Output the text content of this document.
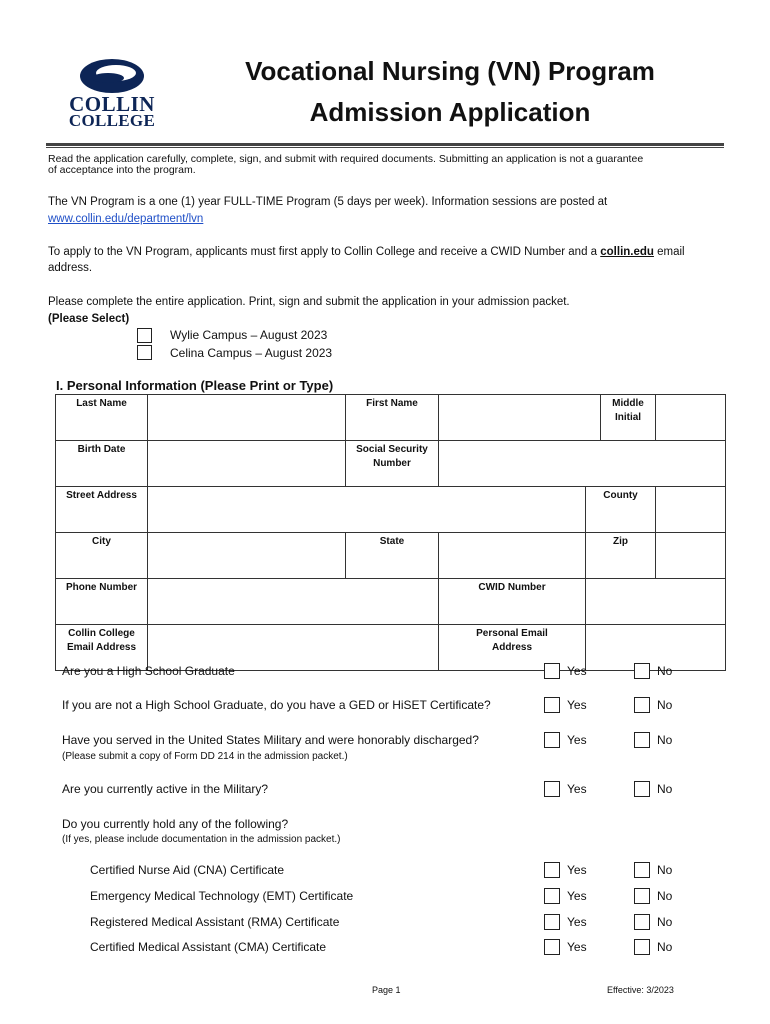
COLLIN
COLLEGE
Vocational Nursing (VN) Program
Admission Application
Read the application carefully, complete, sign, and submit with required documents. Submitting an application is not a guarantee
of acceptance into the program.
The VN Program is a one (1) year FULL-TIME Program (5 days per week). Information sessions are posted at
www.collin.edu/department/lvn
To apply to the VN Program, applicants must first apply to Collin College and receive a CWID Number and a collin.edu email
address.
Please complete the entire application. Print, sign and submit the application in your admission packet.
(Please Select)
Wylie Campus – August 2023
Celina Campus – August 2023
I. Personal Information (Please Print or Type)
Last Name		First Name			Middle
Initial	
Birth Date		Social Security
Number				
Street Address				County		
City		State		Zip		
Phone Number			CWID Number			
Collin College
Email Address			Personal Email
Address			
Are you a High School Graduate	Yes	No
If you are not a High School Graduate, do you have a GED or HiSET Certificate?	Yes	No
Have you served in the United States Military and were honorably discharged?
(Please submit a copy of Form DD 214 in the admission packet.)
Yes	No
Are you currently active in the Military?	Yes	No
Do you currently hold any of the following?
(If yes, please include documentation in the admission packet.)
Certified Nurse Aid (CNA) Certificate	Yes	No
Emergency Medical Technology (EMT) Certificate	Yes	No
Registered Medical Assistant (RMA) Certificate	Yes	No
Certified Medical Assistant (CMA) Certificate	Yes	No
Page 1	Effective: 3/2023
